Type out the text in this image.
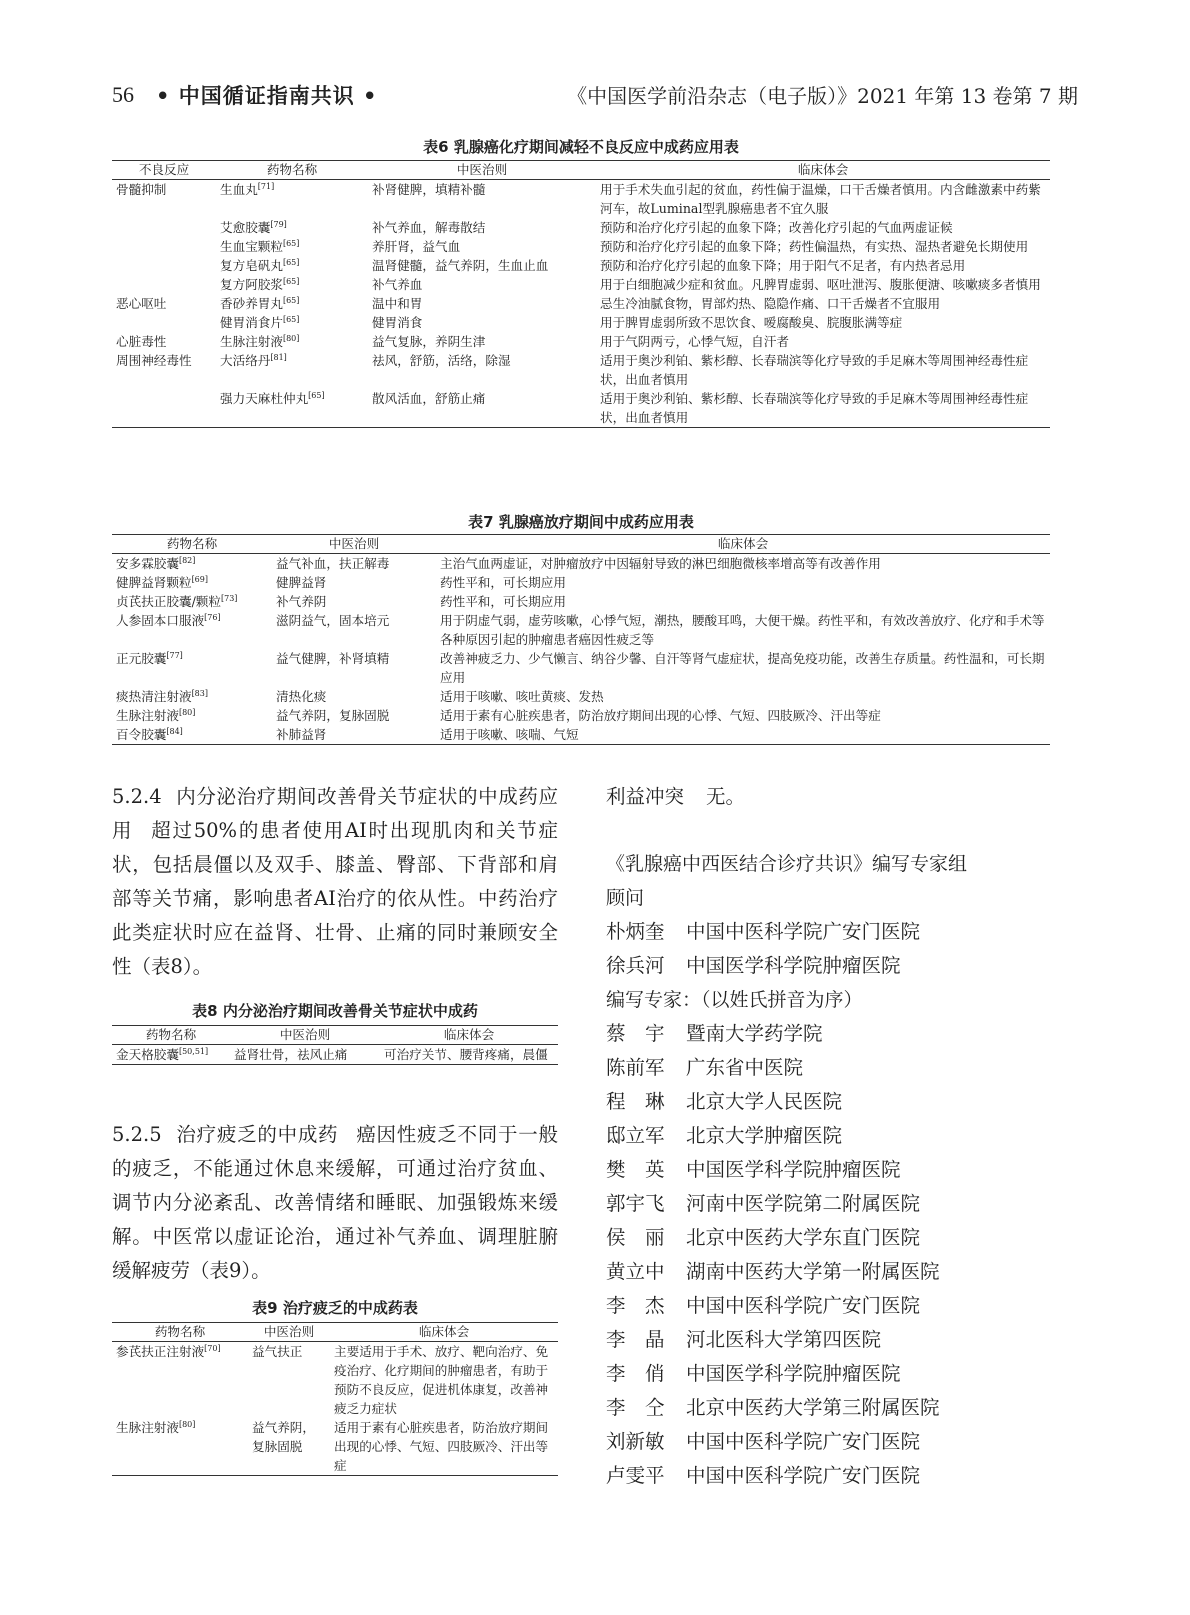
56 • 中国循证指南共识 •	《中国医学前沿杂志（电子版）》2021 年第 13 卷第 7 期
表6 乳腺癌化疗期间减轻不良反应中成药应用表
不良反应	药物名称	中医治则	临床体会
骨髓抑制	生血丸[71]	补肾健脾，填精补髓	用于手术失血引起的贫血，药性偏于温燥，口干舌燥者慎用。内含雌激素中药紫河车，故Luminal型乳腺癌患者不宜久服
	艾愈胶囊[79]	补气养血，解毒散结	预防和治疗化疗引起的血象下降；改善化疗引起的气血两虚证候
	生血宝颗粒[65]	养肝肾，益气血	预防和治疗化疗引起的血象下降；药性偏温热，有实热、湿热者避免长期使用
	复方皂矾丸[65]	温肾健髓，益气养阴，生血止血	预防和治疗化疗引起的血象下降；用于阳气不足者，有内热者忌用
	复方阿胶浆[65]	补气养血	用于白细胞减少症和贫血。凡脾胃虚弱、呕吐泄泻、腹胀便溏、咳嗽痰多者慎用
恶心呕吐	香砂养胃丸[65]	温中和胃	忌生冷油腻食物，胃部灼热、隐隐作痛、口干舌燥者不宜服用
	健胃消食片[65]	健胃消食	用于脾胃虚弱所致不思饮食、嗳腐酸臭、脘腹胀满等症
心脏毒性	生脉注射液[80]	益气复脉，养阴生津	用于气阴两亏，心悸气短，自汗者
周围神经毒性	大活络丹[81]	祛风，舒筋，活络，除湿	适用于奥沙利铂、紫杉醇、长春瑞滨等化疗导致的手足麻木等周围神经毒性症状，出血者慎用
	强力天麻杜仲丸[65]	散风活血，舒筋止痛	适用于奥沙利铂、紫杉醇、长春瑞滨等化疗导致的手足麻木等周围神经毒性症状，出血者慎用
表7 乳腺癌放疗期间中成药应用表
药物名称	中医治则	临床体会
安多霖胶囊[82]	益气补血，扶正解毒	主治气血两虚证，对肿瘤放疗中因辐射导致的淋巴细胞微核率增高等有改善作用
健脾益肾颗粒[69]	健脾益肾	药性平和，可长期应用
贞芪扶正胶囊/颗粒[73]	补气养阴	药性平和，可长期应用
人参固本口服液[76]	滋阴益气，固本培元	用于阴虚气弱，虚劳咳嗽，心悸气短，潮热，腰酸耳鸣，大便干燥。药性平和，有效改善放疗、化疗和手术等各种原因引起的肿瘤患者癌因性疲乏等
正元胶囊[77]	益气健脾，补肾填精	改善神疲乏力、少气懒言、纳谷少馨、自汗等肾气虚症状，提高免疫功能，改善生存质量。药性温和，可长期应用
痰热清注射液[83]	清热化痰	适用于咳嗽、咳吐黄痰、发热
生脉注射液[80]	益气养阴，复脉固脱	适用于素有心脏疾患者，防治放疗期间出现的心悸、气短、四肢厥冷、汗出等症
百令胶囊[84]	补肺益肾	适用于咳嗽、咳喘、气短
5.2.4 内分泌治疗期间改善骨关节症状的中成药应用 超过50%的患者使用AI时出现肌肉和关节症状，包括晨僵以及双手、膝盖、臀部、下背部和肩部等关节痛，影响患者AI治疗的依从性。中药治疗此类症状时应在益肾、壮骨、止痛的同时兼顾安全性（表8）。
表8 内分泌治疗期间改善骨关节症状中成药
药物名称	中医治则	临床体会
金天格胶囊[50,51]	益肾壮骨，祛风止痛	可治疗关节、腰背疼痛，晨僵
5.2.5 治疗疲乏的中成药 癌因性疲乏不同于一般的疲乏，不能通过休息来缓解，可通过治疗贫血、调节内分泌紊乱、改善情绪和睡眠、加强锻炼来缓解。中医常以虚证论治，通过补气养血、调理脏腑缓解疲劳（表9）。
表9 治疗疲乏的中成药表
药物名称	中医治则	临床体会
参芪扶正注射液[70]	益气扶正	主要适用于手术、放疗、靶向治疗、免疫治疗、化疗期间的肿瘤患者，有助于预防不良反应，促进机体康复，改善神疲乏力症状
生脉注射液[80]	益气养阴，复脉固脱	适用于素有心脏疾患者，防治放疗期间出现的心悸、气短、四肢厥冷、汗出等症
利益冲突 无。
《乳腺癌中西医结合诊疗共识》编写专家组
顾问
朴炳奎 中国中医科学院广安门医院
徐兵河 中国医学科学院肿瘤医院
编写专家：（以姓氏拼音为序）
蔡　宇 暨南大学药学院
陈前军 广东省中医院
程　琳 北京大学人民医院
邸立军 北京大学肿瘤医院
樊　英 中国医学科学院肿瘤医院
郭宇飞 河南中医学院第二附属医院
侯　丽 北京中医药大学东直门医院
黄立中 湖南中医药大学第一附属医院
李　杰 中国中医科学院广安门医院
李　晶 河北医科大学第四医院
李　俏 中国医学科学院肿瘤医院
李　仝 北京中医药大学第三附属医院
刘新敏 中国中医科学院广安门医院
卢雯平 中国中医科学院广安门医院
